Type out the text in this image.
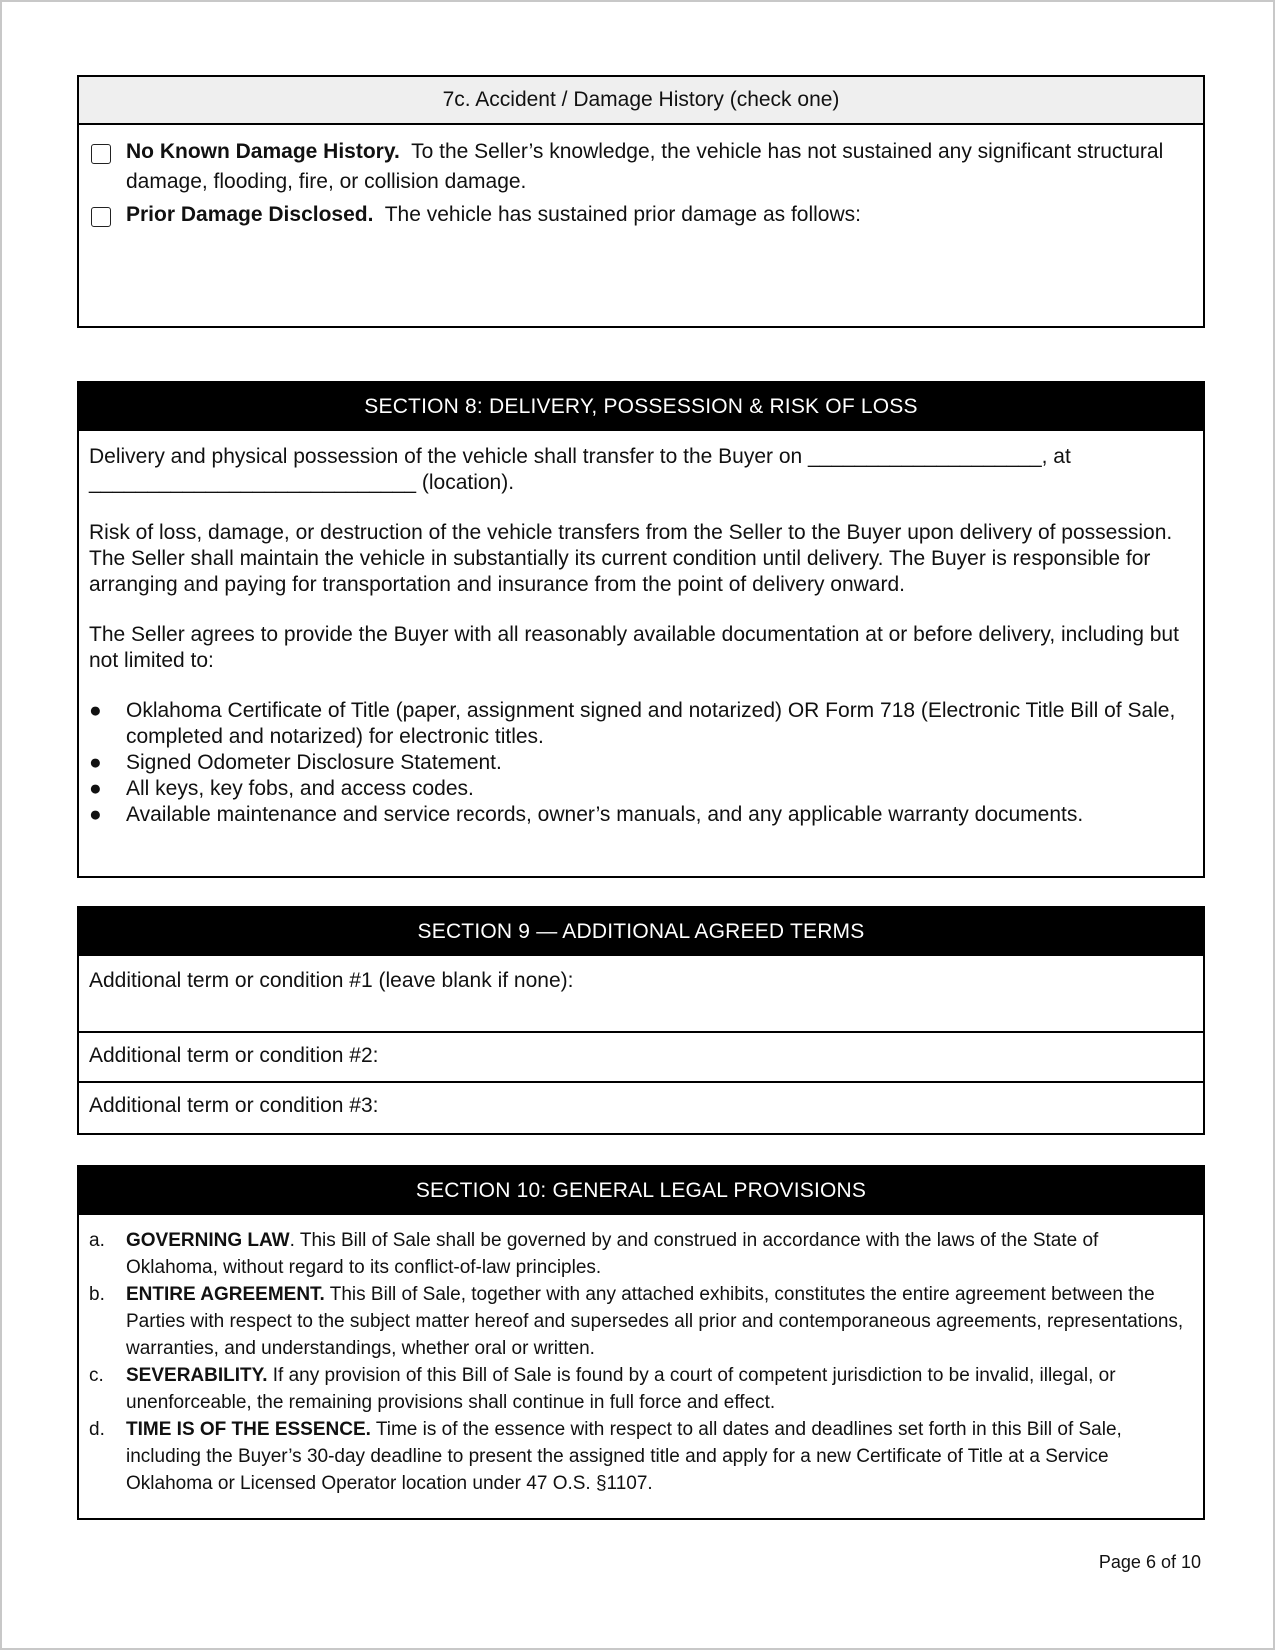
7c. Accident / Damage History (check one)
No Known Damage History.  To the Seller’s knowledge, the vehicle has not sustained any significant structural damage, flooding, fire, or collision damage.
Prior Damage Disclosed.  The vehicle has sustained prior damage as follows:
SECTION 8: DELIVERY, POSSESSION & RISK OF LOSS

Delivery and physical possession of the vehicle shall transfer to the Buyer on ____________________, at ____________________________ (location).

Risk of loss, damage, or destruction of the vehicle transfers from the Seller to the Buyer upon delivery of possession. The Seller shall maintain the vehicle in substantially its current condition until delivery. The Buyer is responsible for arranging and paying for transportation and insurance from the point of delivery onward.

The Seller agrees to provide the Buyer with all reasonably available documentation at or before delivery, including but not limited to:

●	Oklahoma Certificate of Title (paper, assignment signed and notarized) OR Form 718 (Electronic Title Bill of Sale, completed and notarized) for electronic titles.
●	Signed Odometer Disclosure Statement.
●	All keys, key fobs, and access codes.
●	Available maintenance and service records, owner’s manuals, and any applicable warranty documents.
SECTION 9 — ADDITIONAL AGREED TERMS
Additional term or condition #1 (leave blank if none):
Additional term or condition #2:
Additional term or condition #3:
SECTION 10: GENERAL LEGAL PROVISIONS
a. GOVERNING LAW. This Bill of Sale shall be governed by and construed in accordance with the laws of the State of Oklahoma, without regard to its conflict-of-law principles.
b. ENTIRE AGREEMENT. This Bill of Sale, together with any attached exhibits, constitutes the entire agreement between the Parties with respect to the subject matter hereof and supersedes all prior and contemporaneous agreements, representations, warranties, and understandings, whether oral or written.
c. SEVERABILITY. If any provision of this Bill of Sale is found by a court of competent jurisdiction to be invalid, illegal, or unenforceable, the remaining provisions shall continue in full force and effect.
d. TIME IS OF THE ESSENCE. Time is of the essence with respect to all dates and deadlines set forth in this Bill of Sale, including the Buyer’s 30-day deadline to present the assigned title and apply for a new Certificate of Title at a Service Oklahoma or Licensed Operator location under 47 O.S. §1107.
Page 6 of 10
